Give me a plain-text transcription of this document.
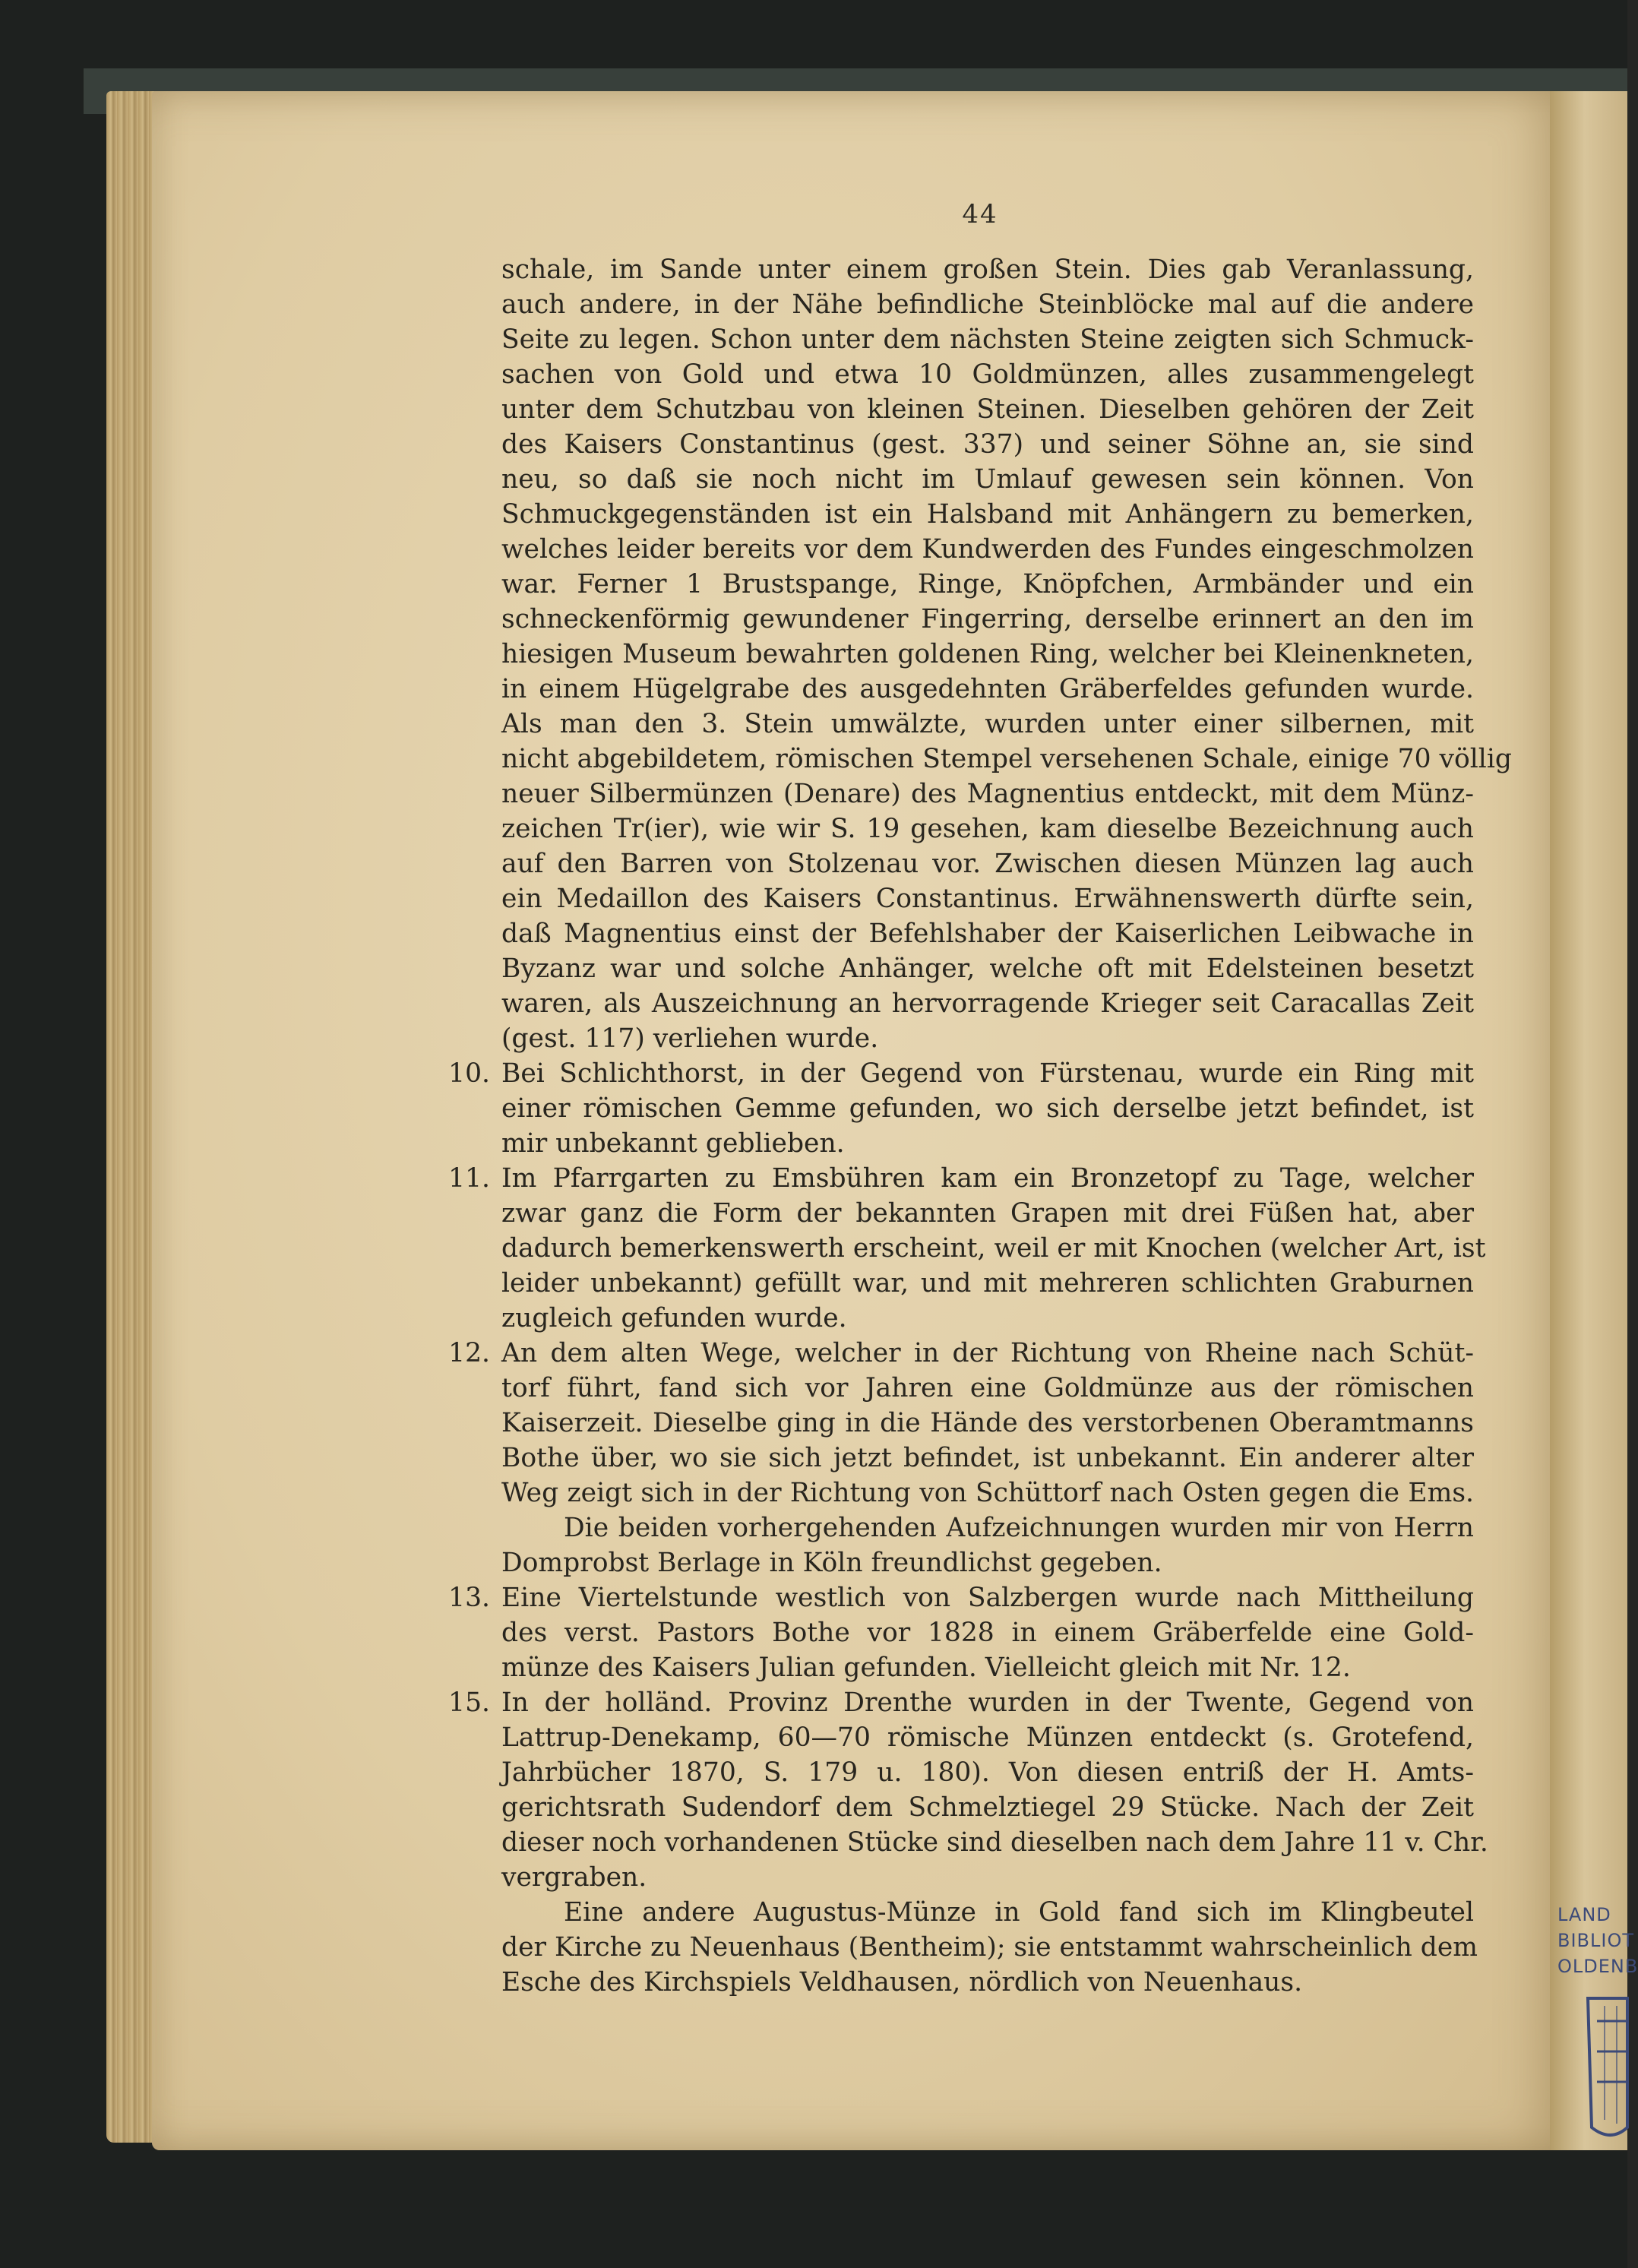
44
schale, im Sande unter einem großen Stein. Dies gab Veranlassung,
auch andere, in der Nähe befindliche Steinblöcke mal auf die andere
Seite zu legen. Schon unter dem nächsten Steine zeigten sich Schmuck-
sachen von Gold und etwa 10 Goldmünzen, alles zusammengelegt
unter dem Schutzbau von kleinen Steinen. Dieselben gehören der Zeit
des Kaisers Constantinus (gest. 337) und seiner Söhne an, sie sind
neu, so daß sie noch nicht im Umlauf gewesen sein können. Von
Schmuckgegenständen ist ein Halsband mit Anhängern zu bemerken,
welches leider bereits vor dem Kundwerden des Fundes eingeschmolzen
war. Ferner 1 Brustspange, Ringe, Knöpfchen, Armbänder und ein
schneckenförmig gewundener Fingerring, derselbe erinnert an den im
hiesigen Museum bewahrten goldenen Ring, welcher bei Kleinenkneten,
in einem Hügelgrabe des ausgedehnten Gräberfeldes gefunden wurde.
Als man den 3. Stein umwälzte, wurden unter einer silbernen, mit
nicht abgebildetem, römischen Stempel versehenen Schale, einige 70 völlig
neuer Silbermünzen (Denare) des Magnentius entdeckt, mit dem Münz-
zeichen Tr(ier), wie wir S. 19 gesehen, kam dieselbe Bezeichnung auch
auf den Barren von Stolzenau vor. Zwischen diesen Münzen lag auch
ein Medaillon des Kaisers Constantinus. Erwähnenswerth dürfte sein,
daß Magnentius einst der Befehlshaber der Kaiserlichen Leibwache in
Byzanz war und solche Anhänger, welche oft mit Edelsteinen besetzt
waren, als Auszeichnung an hervorragende Krieger seit Caracallas Zeit
(gest. 117) verliehen wurde.
10. Bei Schlichthorst, in der Gegend von Fürstenau, wurde ein Ring mit
einer römischen Gemme gefunden, wo sich derselbe jetzt befindet, ist
mir unbekannt geblieben.
11. Im Pfarrgarten zu Emsbühren kam ein Bronzetopf zu Tage, welcher
zwar ganz die Form der bekannten Grapen mit drei Füßen hat, aber
dadurch bemerkenswerth erscheint, weil er mit Knochen (welcher Art, ist
leider unbekannt) gefüllt war, und mit mehreren schlichten Graburnen
zugleich gefunden wurde.
12. An dem alten Wege, welcher in der Richtung von Rheine nach Schüt-
torf führt, fand sich vor Jahren eine Goldmünze aus der römischen
Kaiserzeit. Dieselbe ging in die Hände des verstorbenen Oberamtmanns
Bothe über, wo sie sich jetzt befindet, ist unbekannt. Ein anderer alter
Weg zeigt sich in der Richtung von Schüttorf nach Osten gegen die Ems.
Die beiden vorhergehenden Aufzeichnungen wurden mir von Herrn
Domprobst Berlage in Köln freundlichst gegeben.
13. Eine Viertelstunde westlich von Salzbergen wurde nach Mittheilung
des verst. Pastors Bothe vor 1828 in einem Gräberfelde eine Gold-
münze des Kaisers Julian gefunden. Vielleicht gleich mit Nr. 12.
15. In der holländ. Provinz Drenthe wurden in der Twente, Gegend von
Lattrup-Denekamp, 60—70 römische Münzen entdeckt (s. Grotefend,
Jahrbücher 1870, S. 179 u. 180). Von diesen entriß der H. Amts-
gerichtsrath Sudendorf dem Schmelztiegel 29 Stücke. Nach der Zeit
dieser noch vorhandenen Stücke sind dieselben nach dem Jahre 11 v. Chr.
vergraben.
Eine andere Augustus-Münze in Gold fand sich im Klingbeutel
der Kirche zu Neuenhaus (Bentheim); sie entstammt wahrscheinlich dem
Esche des Kirchspiels Veldhausen, nördlich von Neuenhaus.
LAND
BIBLIOT
OLDENB
